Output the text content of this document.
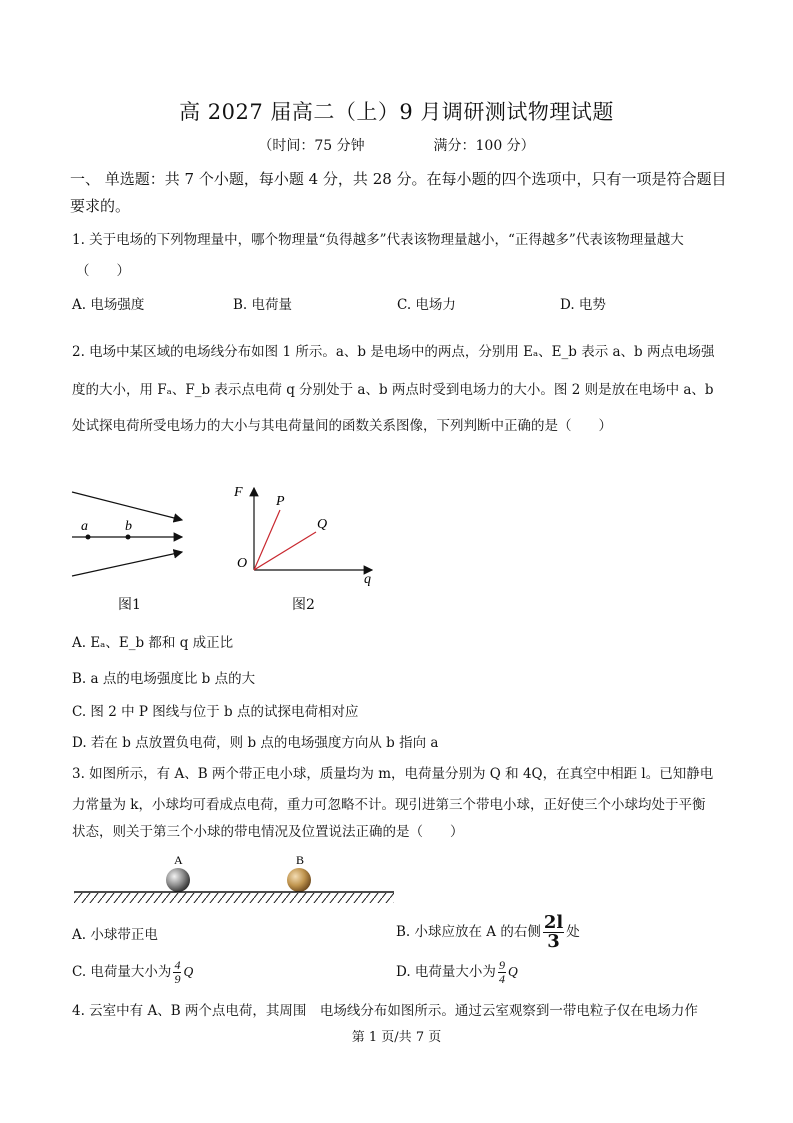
高 2027 届高二（上）9 月调研测试物理试题
（时间：75 分钟	满分：100 分）
一、 单选题：共 7 个小题，每小题 4 分，共 28 分。在每小题的四个选项中，只有一项是符合题目要求的。
1. 关于电场的下列物理量中，哪个物理量“负得越多”代表该物理量越小，“正得越多”代表该物理量越大
（　　）
A. 电场强度	B. 电荷量	C. 电场力	D. 电势
2. 电场中某区域的电场线分布如图 1 所示。a、b 是电场中的两点，分别用 Eₐ、E_b 表示 a、b 两点电场强
度的大小，用 Fₐ、F_b 表示点电荷 q 分别处于 a、b 两点时受到电场力的大小。图 2 则是放在电场中 a、b
处试探电荷所受电场力的大小与其电荷量间的函数关系图像，下列判断中正确的是（　　）
a	b
图1
F
P
Q
O
q
图2
A. Eₐ、E_b 都和 q 成正比
B. a 点的电场强度比 b 点的大
C. 图 2 中 P 图线与位于 b 点的试探电荷相对应
D. 若在 b 点放置负电荷，则 b 点的电场强度方向从 b 指向 a
3. 如图所示，有 A、B 两个带正电小球，质量均为 m，电荷量分别为 Q 和 4Q，在真空中相距 l。已知静电
力常量为 k，小球均可看成点电荷，重力可忽略不计。现引进第三个带电小球，正好使三个小球均处于平衡
状态，则关于第三个小球的带电情况及位置说法正确的是（　　）
A	B
A. 小球带正电	B. 小球应放在 A 的右侧 $\frac{2l}{3}$ 处
C. 电荷量大小为 $\frac{4}{9}$ Q	D. 电荷量大小为 $\frac{9}{4}$ Q
4. 云室中有 A、B 两个点电荷，其周围　电场线分布如图所示。通过云室观察到一带电粒子仅在电场力作
第 1 页/共 7 页
